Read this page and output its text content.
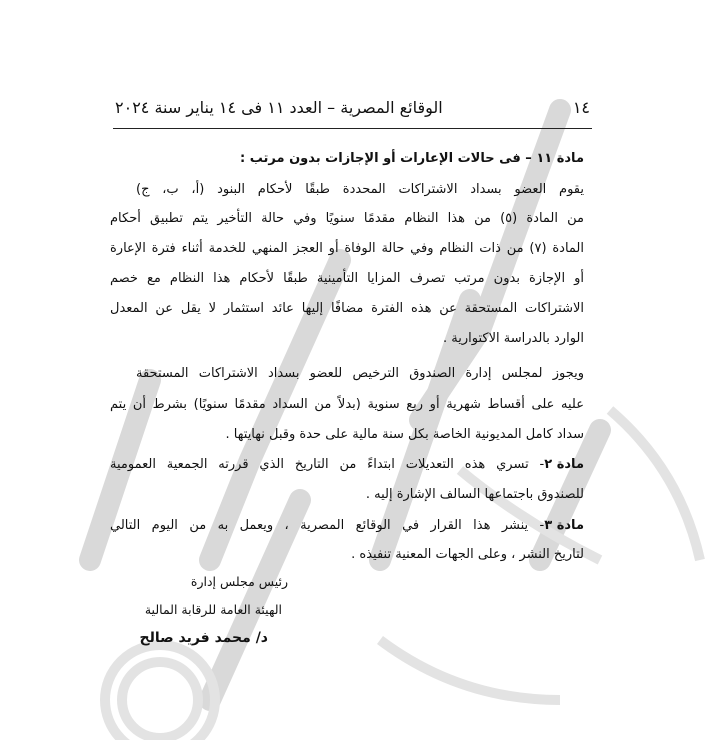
١٤
الوقائع المصرية – العدد ١١ فى ١٤ يناير سنة ٢٠٢٤
مادة ١١ – فى حالات الإعارات أو الإجازات بدون مرتب :
يقوم العضو بسداد الاشتراكات المحددة طبقًا لأحكام البنود (أ، ب، ج)
من المادة (٥) من هذا النظام مقدمًا سنويًا وفي حالة التأخير يتم تطبيق أحكام
المادة (٧) من ذات النظام وفي حالة الوفاة أو العجز المنهي للخدمة أثناء فترة الإعارة
أو الإجازة بدون مرتب تصرف المزايا التأمينية طبقًا لأحكام هذا النظام مع خصم
الاشتراكات المستحقة عن هذه الفترة مضافًا إليها عائد استثمار لا يقل عن المعدل
الوارد بالدراسة الاكتوارية .
ويجوز لمجلس إدارة الصندوق الترخيص للعضو بسداد الاشتراكات المستحقة
عليه على أقساط شهرية أو ربع سنوية (بدلاً من السداد مقدمًا سنويًا) بشرط أن يتم
سداد كامل المديونية الخاصة بكل سنة مالية على حدة وقبل نهايتها .
مادة ٢
- تسري هذه التعديلات ابتداءً من التاريخ الذي قررته الجمعية العمومية
للصندوق باجتماعها السالف الإشارة إليه .
مادة ٣
- ينشر هذا القرار في الوقائع المصرية ، ويعمل به من اليوم التالي
لتاريخ النشر ، وعلى الجهات المعنية تنفيذه .
رئيس مجلس إدارة
الهيئة العامة للرقابة المالية
د/ محمد فريد صالح
